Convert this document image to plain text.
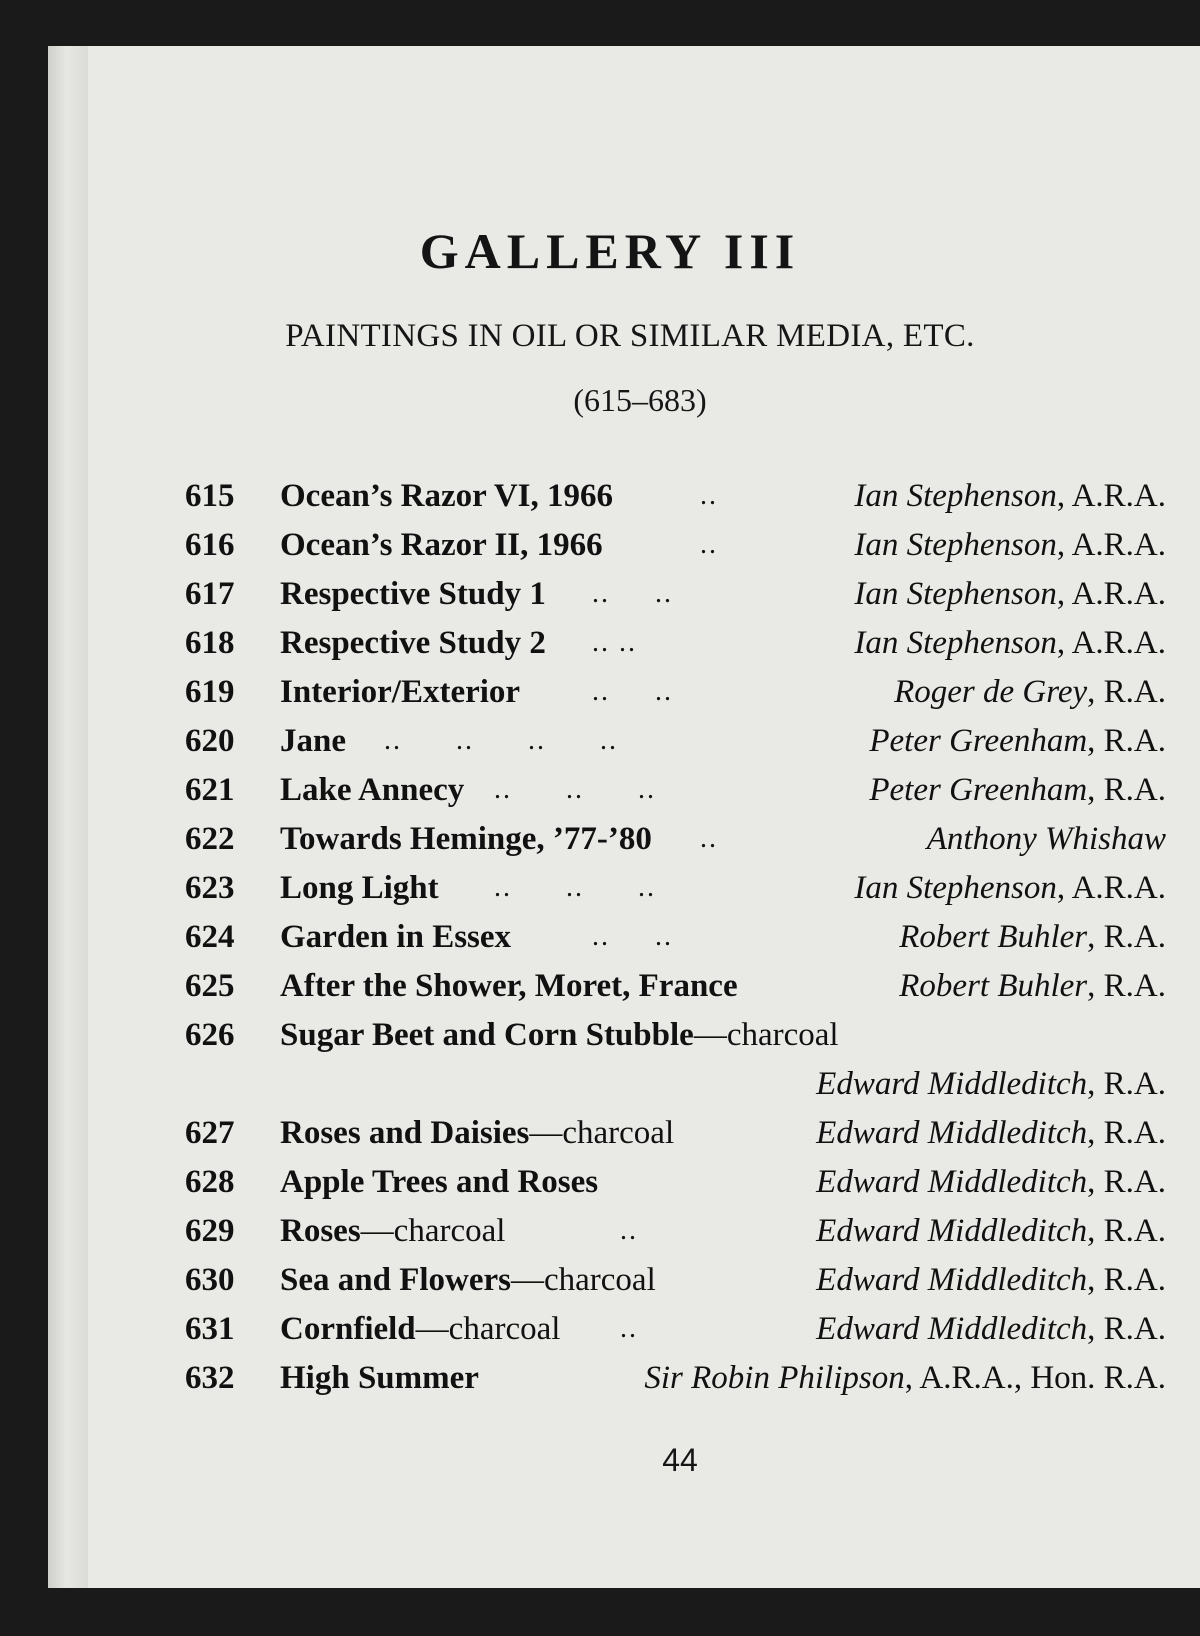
GALLERY III
PAINTINGS IN OIL OR SIMILAR MEDIA, ETC.
(615–683)
615 Ocean’s Razor VI, 1966	..	Ian Stephenson, A.R.A.
616 Ocean’s Razor II, 1966	..	Ian Stephenson, A.R.A.
617 Respective Study 1 ..     ..	Ian Stephenson, A.R.A.
618 Respective Study 2 .. ..	Ian Stephenson, A.R.A.
619 Interior/Exterior	..     ..	Roger de Grey, R.A.
620 Jane ..      ..      ..      ..	Peter Greenham, R.A.
621 Lake Annecy ..      ..      ..	Peter Greenham, R.A.
622 Towards Heminge, ’77-’80 ..	Anthony Whishaw
623 Long Light ..      ..      ..	Ian Stephenson, A.R.A.
624 Garden in Essex	..     ..	Robert Buhler, R.A.
625 After the Shower, Moret, France	Robert Buhler, R.A.
626 Sugar Beet and Corn Stubble—charcoal
Edward Middleditch, R.A.
627 Roses and Daisies—charcoal	Edward Middleditch, R.A.
628 Apple Trees and Roses	Edward Middleditch, R.A.
629 Roses—charcoal	..	Edward Middleditch, R.A.
630 Sea and Flowers—charcoal	Edward Middleditch, R.A.
631 Cornfield—charcoal ..	Edward Middleditch, R.A.
632 High Summer	Sir Robin Philipson, A.R.A., Hon. R.A.
44
